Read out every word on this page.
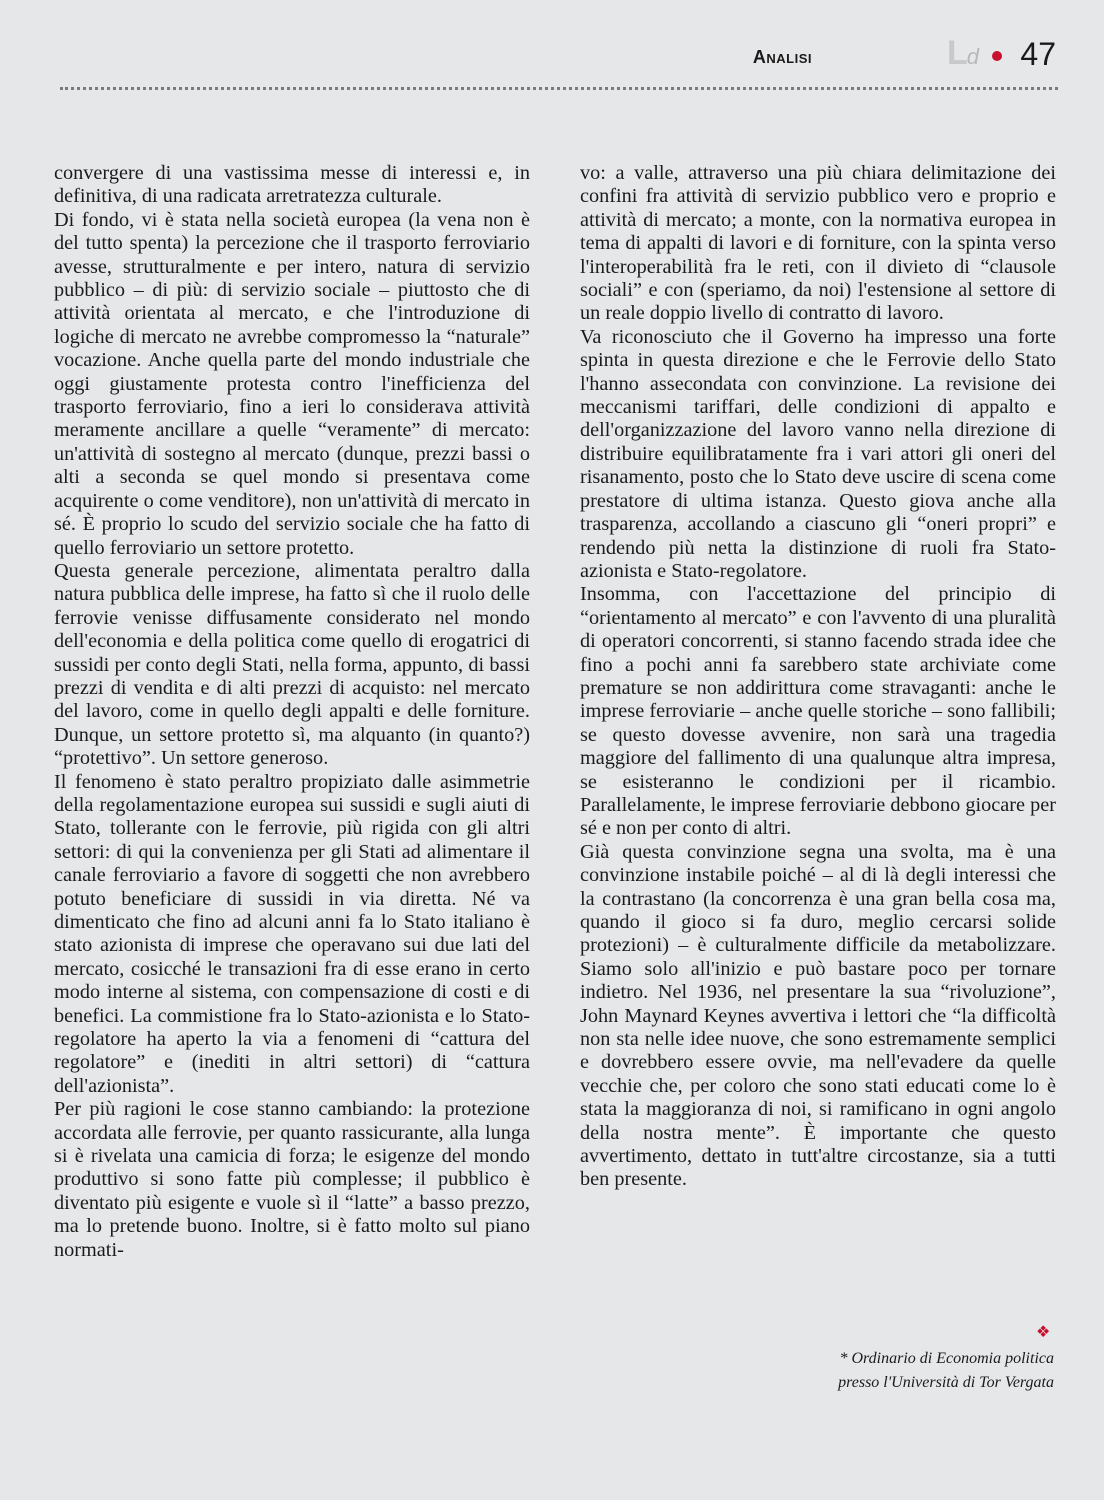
Analisi	Ld 47

convergere di una vastissima messe di interessi e, in definitiva, di una radicata arretratezza culturale.

Di fondo, vi è stata nella società europea (la vena non è del tutto spenta) la percezione che il trasporto ferroviario avesse, strutturalmente e per intero, natura di servizio pubblico – di più: di servizio sociale – piuttosto che di attività orientata al mercato, e che l'introduzione di logiche di mercato ne avrebbe compromesso la “naturale” vocazione. Anche quella parte del mondo industriale che oggi giustamente protesta contro l'inefficienza del trasporto ferroviario, fino a ieri lo considerava attività meramente ancillare a quelle “veramente” di mercato: un'attività di sostegno al mercato (dunque, prezzi bassi o alti a seconda se quel mondo si presentava come acquirente o come venditore), non un'attività di mercato in sé. È proprio lo scudo del servizio sociale che ha fatto di quello ferroviario un settore protetto.

Questa generale percezione, alimentata peraltro dalla natura pubblica delle imprese, ha fatto sì che il ruolo delle ferrovie venisse diffusamente considerato nel mondo dell'economia e della politica come quello di erogatrici di sussidi per conto degli Stati, nella forma, appunto, di bassi prezzi di vendita e di alti prezzi di acquisto: nel mercato del lavoro, come in quello degli appalti e delle forniture. Dunque, un settore protetto sì, ma alquanto (in quanto?) “protettivo”. Un settore generoso.

Il fenomeno è stato peraltro propiziato dalle asimmetrie della regolamentazione europea sui sussidi e sugli aiuti di Stato, tollerante con le ferrovie, più rigida con gli altri settori: di qui la convenienza per gli Stati ad alimentare il canale ferroviario a favore di soggetti che non avrebbero potuto beneficiare di sussidi in via diretta. Né va dimenticato che fino ad alcuni anni fa lo Stato italiano è stato azionista di imprese che operavano sui due lati del mercato, cosicché le transazioni fra di esse erano in certo modo interne al sistema, con compensazione di costi e di benefici. La commistione fra lo Stato-azionista e lo Stato-regolatore ha aperto la via a fenomeni di “cattura del regolatore” e (inediti in altri settori) di “cattura dell'azionista”.

Per più ragioni le cose stanno cambiando: la protezione accordata alle ferrovie, per quanto rassicurante, alla lunga si è rivelata una camicia di forza; le esigenze del mondo produttivo si sono fatte più complesse; il pubblico è diventato più esigente e vuole sì il “latte” a basso prezzo, ma lo pretende buono. Inoltre, si è fatto molto sul piano normati-

vo: a valle, attraverso una più chiara delimitazione dei confini fra attività di servizio pubblico vero e proprio e attività di mercato; a monte, con la normativa europea in tema di appalti di lavori e di forniture, con la spinta verso l'interoperabilità fra le reti, con il divieto di “clausole sociali” e con (speriamo, da noi) l'estensione al settore di un reale doppio livello di contratto di lavoro.

Va riconosciuto che il Governo ha impresso una forte spinta in questa direzione e che le Ferrovie dello Stato l'hanno assecondata con convinzione. La revisione dei meccanismi tariffari, delle condizioni di appalto e dell'organizzazione del lavoro vanno nella direzione di distribuire equilibratamente fra i vari attori gli oneri del risanamento, posto che lo Stato deve uscire di scena come prestatore di ultima istanza. Questo giova anche alla trasparenza, accollando a ciascuno gli “oneri propri” e rendendo più netta la distinzione di ruoli fra Stato-azionista e Stato-regolatore.

Insomma, con l'accettazione del principio di “orientamento al mercato” e con l'avvento di una pluralità di operatori concorrenti, si stanno facendo strada idee che fino a pochi anni fa sarebbero state archiviate come premature se non addirittura come stravaganti: anche le imprese ferroviarie – anche quelle storiche – sono fallibili; se questo dovesse avvenire, non sarà una tragedia maggiore del fallimento di una qualunque altra impresa, se esisteranno le condizioni per il ricambio. Parallelamente, le imprese ferroviarie debbono giocare per sé e non per conto di altri.

Già questa convinzione segna una svolta, ma è una convinzione instabile poiché – al di là degli interessi che la contrastano (la concorrenza è una gran bella cosa ma, quando il gioco si fa duro, meglio cercarsi solide protezioni) – è culturalmente difficile da metabolizzare. Siamo solo all'inizio e può bastare poco per tornare indietro. Nel 1936, nel presentare la sua “rivoluzione”, John Maynard Keynes avvertiva i lettori che “la difficoltà non sta nelle idee nuove, che sono estremamente semplici e dovrebbero essere ovvie, ma nell'evadere da quelle vecchie che, per coloro che sono stati educati come lo è stata la maggioranza di noi, si ramificano in ogni angolo della nostra mente”. È importante che questo avvertimento, dettato in tutt'altre circostanze, sia a tutti ben presente.

❖
* Ordinario di Economia politica
presso l'Università di Tor Vergata
